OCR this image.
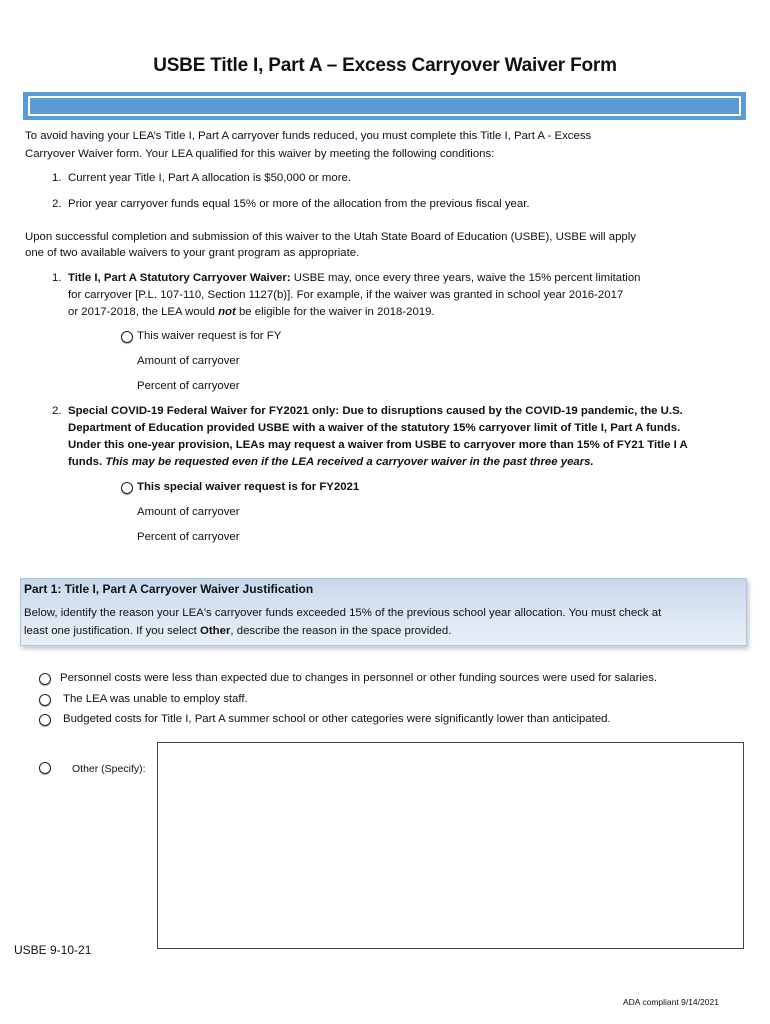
USBE Title I, Part A – Excess Carryover Waiver Form
To avoid having your LEA’s Title I, Part A carryover funds reduced, you must complete this Title I, Part A - Excess
Carryover Waiver form. Your LEA qualified for this waiver by meeting the following conditions:
1. Current year Title I, Part A allocation is $50,000 or more.
2. Prior year carryover funds equal 15% or more of the allocation from the previous fiscal year.
Upon successful completion and submission of this waiver to the Utah State Board of Education (USBE), USBE will apply
one of two available waivers to your grant program as appropriate.
1. Title I, Part A Statutory Carryover Waiver: USBE may, once every three years, waive the 15% percent limitation
for carryover [P.L. 107-110, Section 1127(b)]. For example, if the waiver was granted in school year 2016-2017
or 2017-2018, the LEA would not be eligible for the waiver in 2018-2019.
This waiver request is for FY
Amount of carryover
Percent of carryover
2. Special COVID-19 Federal Waiver for FY2021 only: Due to disruptions caused by the COVID-19 pandemic, the U.S.
Department of Education provided USBE with a waiver of the statutory 15% carryover limit of Title I, Part A funds.
Under this one-year provision, LEAs may request a waiver from USBE to carryover more than 15% of FY21 Title I A
funds. This may be requested even if the LEA received a carryover waiver in the past three years.
This special waiver request is for FY2021
Amount of carryover
Percent of carryover
Part 1: Title I, Part A Carryover Waiver Justification
Below, identify the reason your LEA's carryover funds exceeded 15% of the previous school year allocation. You must check at
least one justification. If you select Other, describe the reason in the space provided.
Personnel costs were less than expected due to changes in personnel or other funding sources were used for salaries.
The LEA was unable to employ staff.
Budgeted costs for Title I, Part A summer school or other categories were significantly lower than anticipated.
Other (Specify):
USBE 9-10-21
ADA compliant 9/14/2021
